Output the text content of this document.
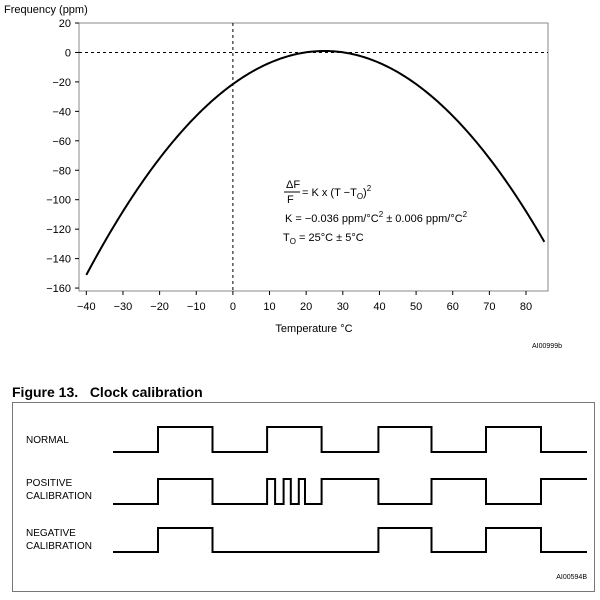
Frequency (ppm)
20
0
−20
−40
−60
−80
−100
−120
−140
−160
−40 −30 −20 −10 0 10 20 30 40 50 60 70 80
ΔF
F
= K x $(T -T_O)^2$
K = −0.036 ppm/$^\circ C^2 \pm 0.006$ ppm/$^\circ C^2$
$T_O = 25^\circ C \pm 5^\circ C$
Temperature °C
AI00999b
Figure 13. Clock calibration
NORMAL
POSITIVE CALIBRATION
NEGATIVE CALIBRATION
AI00594B
